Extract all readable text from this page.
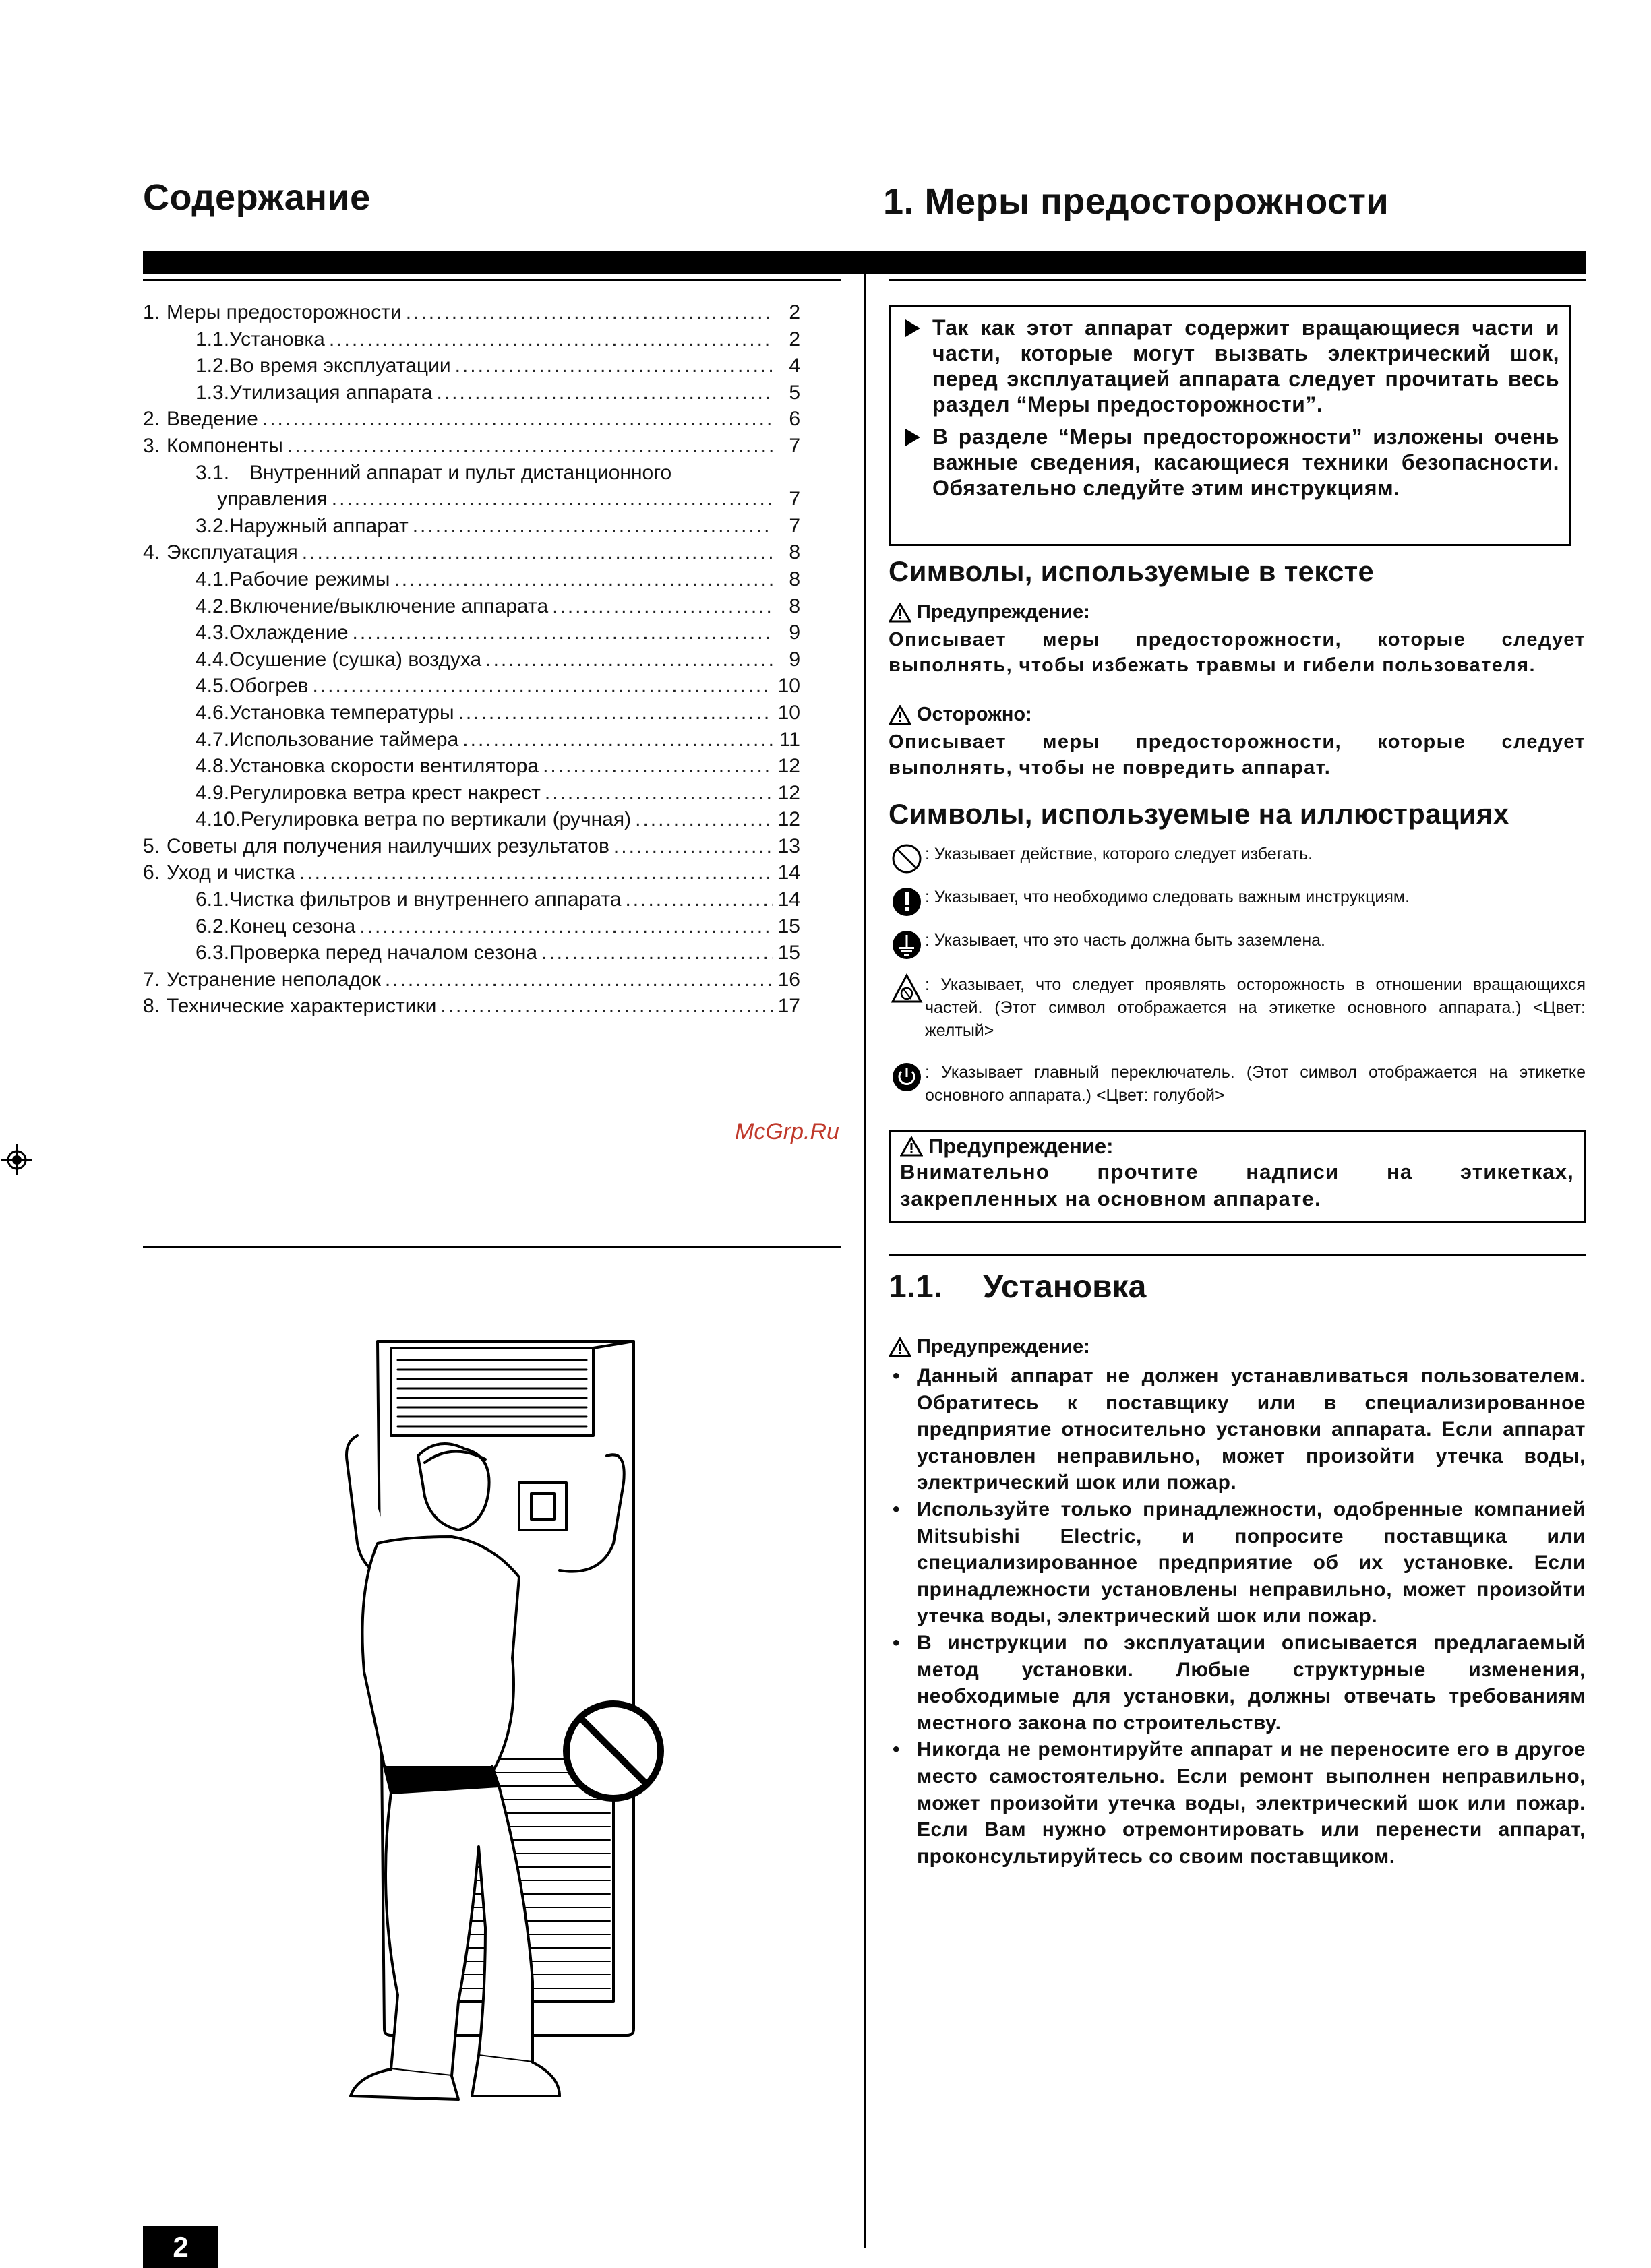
Содержание	1. Меры предосторожности
1. Меры предосторожности .....	2
1.1. Установка .....	2
1.2. Во время эксплуатации .....	4
1.3. Утилизация аппарата .....	5
2. Введение .....	6
3. Компоненты .....	7
3.1. Внутренний аппарат и пульт дистанционного
управления .....	7
3.2. Наружный аппарат .....	7
4. Эксплуатация .....	8
4.1. Рабочие режимы .....	8
4.2. Включение/выключение аппарата .....	8
4.3. Охлаждение .....	9
4.4. Осушение (сушка) воздуха .....	9
4.5. Обогрев .....	10
4.6. Установка температуры .....	10
4.7. Использование таймера .....	11
4.8. Установка скорости вентилятора .....	12
4.9. Регулировка ветра крест накрест .....	12
4.10. Регулировка ветра по вертикали (ручная) .....	12
5. Советы для получения наилучших результатов .....	13
6. Уход и чистка .....	14
6.1. Чистка фильтров и внутреннего аппарата .....	14
6.2. Конец сезона .....	15
6.3. Проверка перед началом сезона .....	15
7. Устранение неполадок .....	16
8. Технические характеристики .....	17

Так как этот аппарат содержит вращающиеся части и части, которые могут вызвать электрический шок, перед эксплуатацией аппарата следует прочитать весь раздел “Меры предосторожности”.

В разделе “Меры предосторожности” изложены очень важные сведения, касающиеся техники безопасности. Обязательно следуйте этим инструкциям.

Символы, используемые в тексте
Предупреждение:
Описывает меры предосторожности, которые следует выполнять, чтобы избежать травмы и гибели пользователя.
Осторожно:
Описывает меры предосторожности, которые следует выполнять, чтобы не повредить аппарат.
Символы, используемые на иллюстрациях
: Указывает действие, которого следует избегать.
: Указывает, что необходимо следовать важным инструкциям.
: Указывает, что это часть должна быть заземлена.
: Указывает, что следует проявлять осторожность в отношении вращающихся частей. (Этот символ отображается на этикетке основного аппарата.) <Цвет: желтый>
: Указывает главный переключатель. (Этот символ отображается на этикетке основного аппарата.) <Цвет: голубой>
McGrp.Ru
Предупреждение:
Внимательно прочтите надписи на этикетках, закрепленных на основном аппарате.
1.1. Установка
Предупреждение:
• Данный аппарат не должен устанавливаться пользователем. Обратитесь к поставщику или в специализированное предприятие относительно установки аппарата. Если аппарат установлен неправильно, может произойти утечка воды, электрический шок или пожар.
• Используйте только принадлежности, одобренные компанией Mitsubishi Electric, и попросите поставщика или специализированное предприятие об их установке. Если принадлежности установлены неправильно, может произойти утечка воды, электрический шок или пожар.
• В инструкции по эксплуатации описывается предлагаемый метод установки. Любые структурные изменения, необходимые для установки, должны отвечать требованиям местного закона по строительству.
• Никогда не ремонтируйте аппарат и не переносите его в другое место самостоятельно. Если ремонт выполнен неправильно, может произойти утечка воды, электрический шок или пожар. Если Вам нужно отремонтировать или перенести аппарат, проконсультируйтесь со своим поставщиком.
2
